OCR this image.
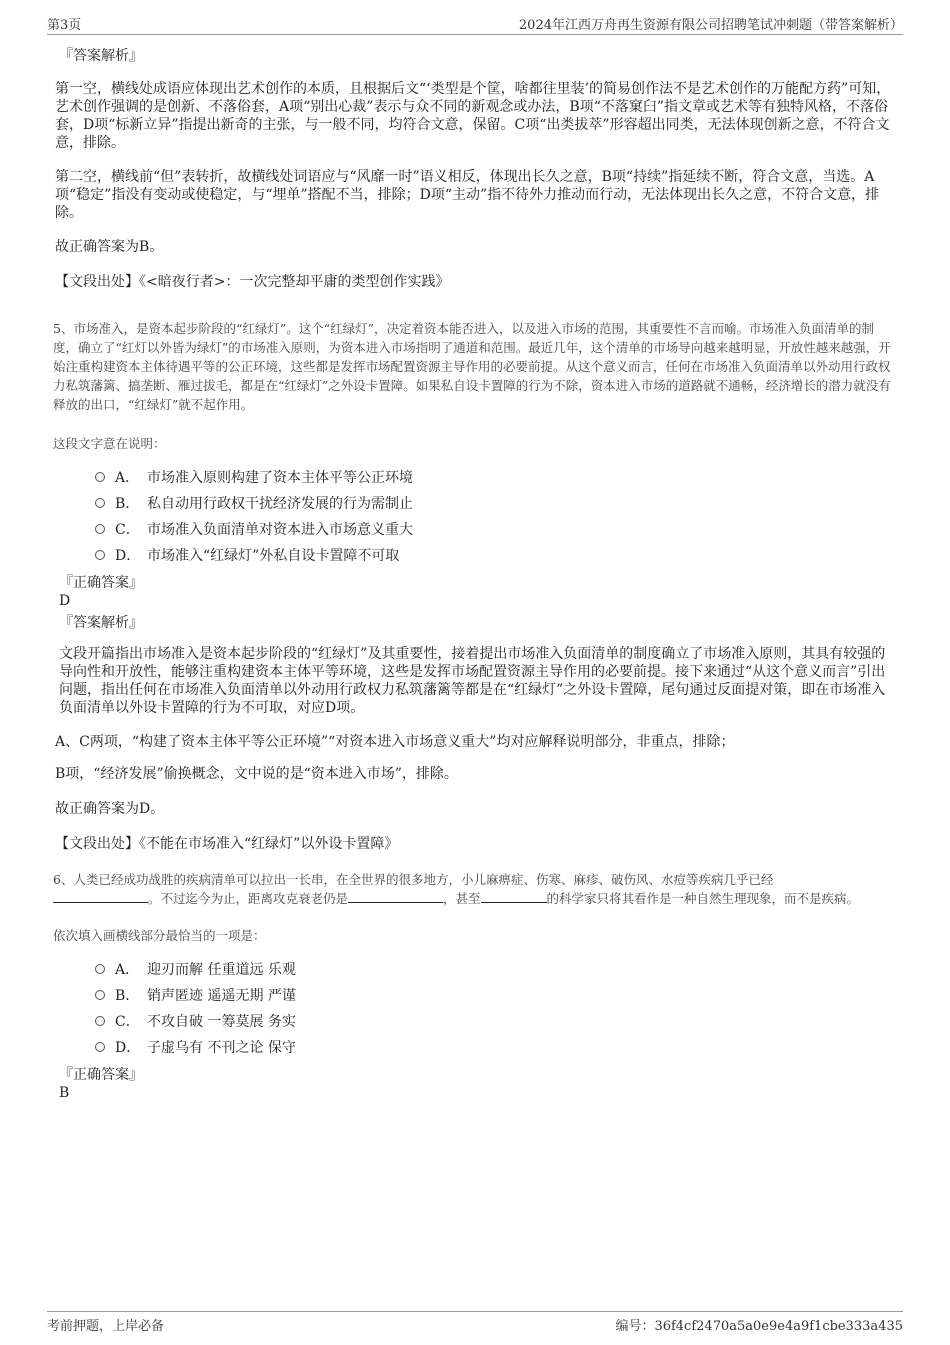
第3页	2024年江西万舟再生资源有限公司招聘笔试冲刺题（带答案解析）
『答案解析』

第一空，横线处成语应体现出艺术创作的本质，且根据后文“‘类型是个筐，啥都往里装’的简易创作法不是艺术创作的万能配方药”可知，艺术创作强调的是创新、不落俗套，A项“别出心裁”表示与众不同的新观念或办法，B项“不落窠臼”指文章或艺术等有独特风格，不落俗套，D项“标新立异”指提出新奇的主张，与一般不同，均符合文意，保留。C项“出类拔萃”形容超出同类，无法体现创新之意，不符合文意，排除。

第二空，横线前“但”表转折，故横线处词语应与“风靡一时”语义相反，体现出长久之意，B项“持续”指延续不断，符合文意，当选。A项“稳定”指没有变动或使稳定，与“埋单”搭配不当，排除；D项“主动”指不待外力推动而行动，无法体现出长久之意，不符合文意，排除。

故正确答案为B。

【文段出处】《<暗夜行者>：一次完整却平庸的类型创作实践》

5、市场准入，是资本起步阶段的“红绿灯”。这个“红绿灯”，决定着资本能否进入，以及进入市场的范围，其重要性不言而喻。市场准入负面清单的制度，确立了“红灯以外皆为绿灯”的市场准入原则，为资本进入市场指明了通道和范围。最近几年，这个清单的市场导向越来越明显，开放性越来越强，开始注重构建资本主体待遇平等的公正环境，这些都是发挥市场配置资源主导作用的必要前提。从这个意义而言，任何在市场准入负面清单以外动用行政权力私筑藩篱、搞垄断、雁过拔毛，都是在“红绿灯”之外设卡置障。如果私自设卡置障的行为不除，资本进入市场的道路就不通畅，经济增长的潜力就没有释放的出口，“红绿灯”就不起作用。

这段文字意在说明：

A． 市场准入原则构建了资本主体平等公正环境
B． 私自动用行政权干扰经济发展的行为需制止
C． 市场准入负面清单对资本进入市场意义重大
D． 市场准入“红绿灯”外私自设卡置障不可取
『正确答案』
D
『答案解析』

文段开篇指出市场准入是资本起步阶段的“红绿灯”及其重要性，接着提出市场准入负面清单的制度确立了市场准入原则，其具有较强的导向性和开放性，能够注重构建资本主体平等环境，这些是发挥市场配置资源主导作用的必要前提。接下来通过“从这个意义而言”引出问题，指出任何在市场准入负面清单以外动用行政权力私筑藩篱等都是在“红绿灯”之外设卡置障，尾句通过反面提对策，即在市场准入负面清单以外设卡置障的行为不可取，对应D项。

A、C两项，“构建了资本主体平等公正环境”“对资本进入市场意义重大”均对应解释说明部分，非重点，排除；

B项，“经济发展”偷换概念，文中说的是“资本进入市场”，排除。

故正确答案为D。

【文段出处】《不能在市场准入“红绿灯”以外设卡置障》

6、人类已经成功战胜的疾病清单可以拉出一长串，在全世界的很多地方，小儿麻痹症、伤寒、麻疹、破伤风、水痘等疾病几乎已经
。不过迄今为止，距离攻克衰老仍是	，甚至	的科学家只将其看作是一种自然生理现象，而不是疾病。

依次填入画横线部分最恰当的一项是：

A． 迎刃而解 任重道远 乐观
B． 销声匿迹 遥遥无期 严谨
C． 不攻自破 一筹莫展 务实
D． 子虚乌有 不刊之论 保守
『正确答案』
B
考前押题，上岸必备	编号：36f4cf2470a5a0e9e4a9f1cbe333a435
